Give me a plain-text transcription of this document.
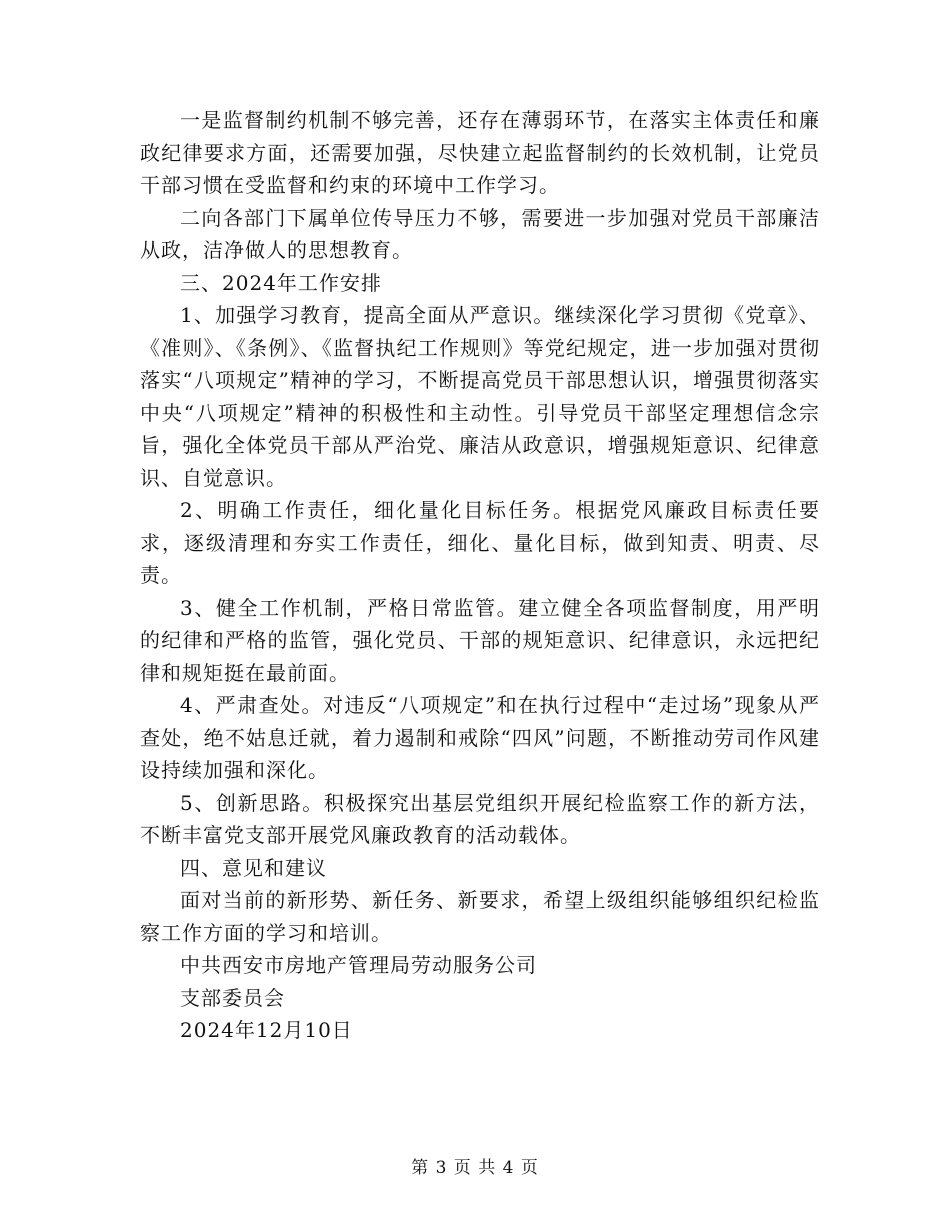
一是监督制约机制不够完善，还存在薄弱环节，在落实主体责任和廉政纪律要求方面，还需要加强，尽快建立起监督制约的长效机制，让党员干部习惯在受监督和约束的环境中工作学习。

二向各部门下属单位传导压力不够，需要进一步加强对党员干部廉洁从政，洁净做人的思想教育。

三、2024年工作安排

1、加强学习教育，提高全面从严意识。继续深化学习贯彻《党章》、《准则》、《条例》、《监督执纪工作规则》等党纪规定，进一步加强对贯彻落实“八项规定”精神的学习，不断提高党员干部思想认识，增强贯彻落实中央“八项规定”精神的积极性和主动性。引导党员干部坚定理想信念宗旨，强化全体党员干部从严治党、廉洁从政意识，增强规矩意识、纪律意识、自觉意识。

2、明确工作责任，细化量化目标任务。根据党风廉政目标责任要求，逐级清理和夯实工作责任，细化、量化目标，做到知责、明责、尽责。

3、健全工作机制，严格日常监管。建立健全各项监督制度，用严明的纪律和严格的监管，强化党员、干部的规矩意识、纪律意识，永远把纪律和规矩挺在最前面。

4、严肃查处。对违反“八项规定”和在执行过程中“走过场”现象从严查处，绝不姑息迁就，着力遏制和戒除“四风”问题，不断推动劳司作风建设持续加强和深化。

5、创新思路。积极探究出基层党组织开展纪检监察工作的新方法，不断丰富党支部开展党风廉政教育的活动载体。

四、意见和建议

面对当前的新形势、新任务、新要求，希望上级组织能够组织纪检监察工作方面的学习和培训。

中共西安市房地产管理局劳动服务公司

支部委员会

2024年12月10日

第 3 页 共 4 页
